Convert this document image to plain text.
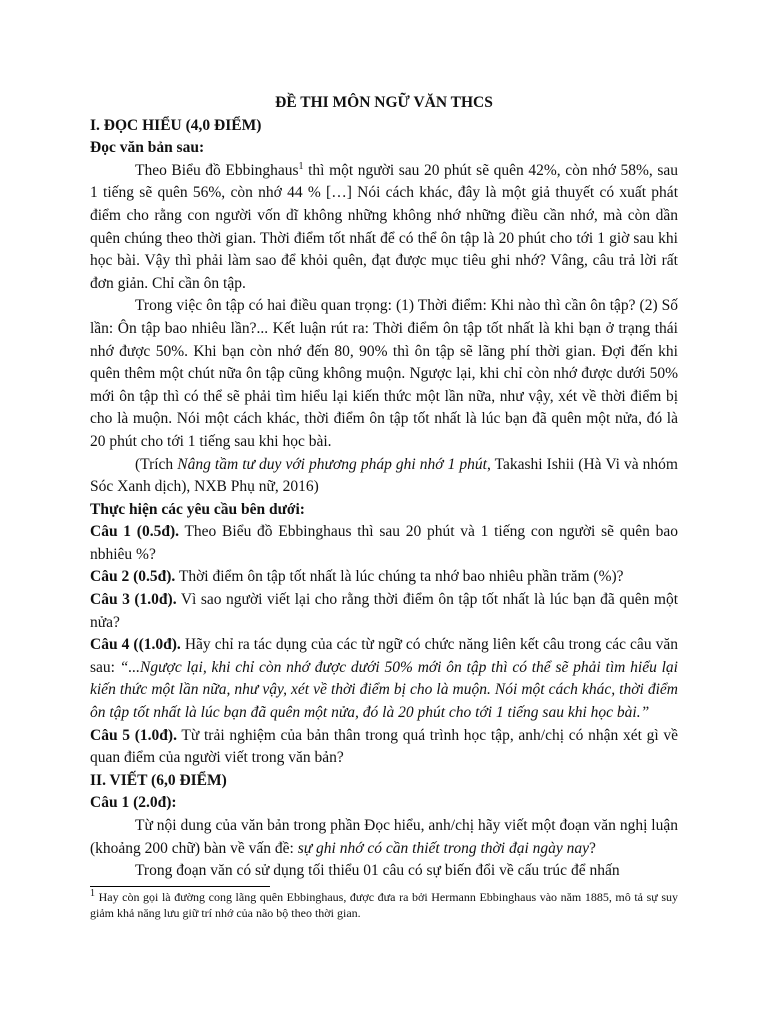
ĐỀ THI MÔN NGỮ VĂN THCS

I. ĐỌC HIỂU (4,0 ĐIỂM)

Đọc văn bản sau:

Theo Biểu đồ Ebbinghaus$^1$ thì một người sau 20 phút sẽ quên 42%, còn nhớ 58%, sau 1 tiếng sẽ quên 56%, còn nhớ 44 % […] Nói cách khác, đây là một giả thuyết có xuất phát điểm cho rằng con người vốn dĩ không những không nhớ những điều cần nhớ, mà còn dần quên chúng theo thời gian. Thời điểm tốt nhất để có thể ôn tập là 20 phút cho tới 1 giờ sau khi học bài. Vậy thì phải làm sao để khỏi quên, đạt được mục tiêu ghi nhớ? Vâng, câu trả lời rất đơn giản. Chỉ cần ôn tập.

Trong việc ôn tập có hai điều quan trọng: (1) Thời điểm: Khi nào thì cần ôn tập? (2) Số lần: Ôn tập bao nhiêu lần?... Kết luận rút ra: Thời điểm ôn tập tốt nhất là khi bạn ở trạng thái nhớ được 50%. Khi bạn còn nhớ đến 80, 90% thì ôn tập sẽ lãng phí thời gian. Đợi đến khi quên thêm một chút nữa ôn tập cũng không muộn. Ngược lại, khi chỉ còn nhớ được dưới 50% mới ôn tập thì có thể sẽ phải tìm hiểu lại kiến thức một lần nữa, như vậy, xét về thời điểm bị cho là muộn. Nói một cách khác, thời điểm ôn tập tốt nhất là lúc bạn đã quên một nửa, đó là 20 phút cho tới 1 tiếng sau khi học bài.

(Trích Nâng tầm tư duy với phương pháp ghi nhớ 1 phút, Takashi Ishii (Hà Vi và nhóm Sóc Xanh dịch), NXB Phụ nữ, 2016)

Thực hiện các yêu cầu bên dưới:

Câu 1 (0.5đ). Theo Biểu đồ Ebbinghaus thì sau 20 phút và 1 tiếng con người sẽ quên bao nbhiêu %?

Câu 2 (0.5đ). Thời điểm ôn tập tốt nhất là lúc chúng ta nhớ bao nhiêu phần trăm (%)?

Câu 3 (1.0đ). Vì sao người viết lại cho rằng thời điểm ôn tập tốt nhất là lúc bạn đã quên một nửa?

Câu 4 ((1.0đ). Hãy chỉ ra tác dụng của các từ ngữ có chức năng liên kết câu trong các câu văn sau: “...Ngược lại, khi chỉ còn nhớ được dưới 50% mới ôn tập thì có thể sẽ phải tìm hiểu lại kiến thức một lần nữa, như vậy, xét về thời điểm bị cho là muộn. Nói một cách khác, thời điểm ôn tập tốt nhất là lúc bạn đã quên một nửa, đó là 20 phút cho tới 1 tiếng sau khi học bài.”

Câu 5 (1.0đ). Từ trải nghiệm của bản thân trong quá trình học tập, anh/chị có nhận xét gì về quan điểm của người viết trong văn bản?

II. VIẾT (6,0 ĐIỂM)

Câu 1 (2.0đ):

Từ nội dung của văn bản trong phần Đọc hiểu, anh/chị hãy viết một đoạn văn nghị luận (khoảng 200 chữ) bàn về vấn đề: sự ghi nhớ có cần thiết trong thời đại ngày nay?

Trong đoạn văn có sử dụng tối thiểu 01 câu có sự biến đổi về cấu trúc để nhấn

$^1$ Hay còn gọi là đường cong lãng quên Ebbinghaus, được đưa ra bởi Hermann Ebbinghaus vào năm 1885, mô tả sự suy giảm khả năng lưu giữ trí nhớ của não bộ theo thời gian.
